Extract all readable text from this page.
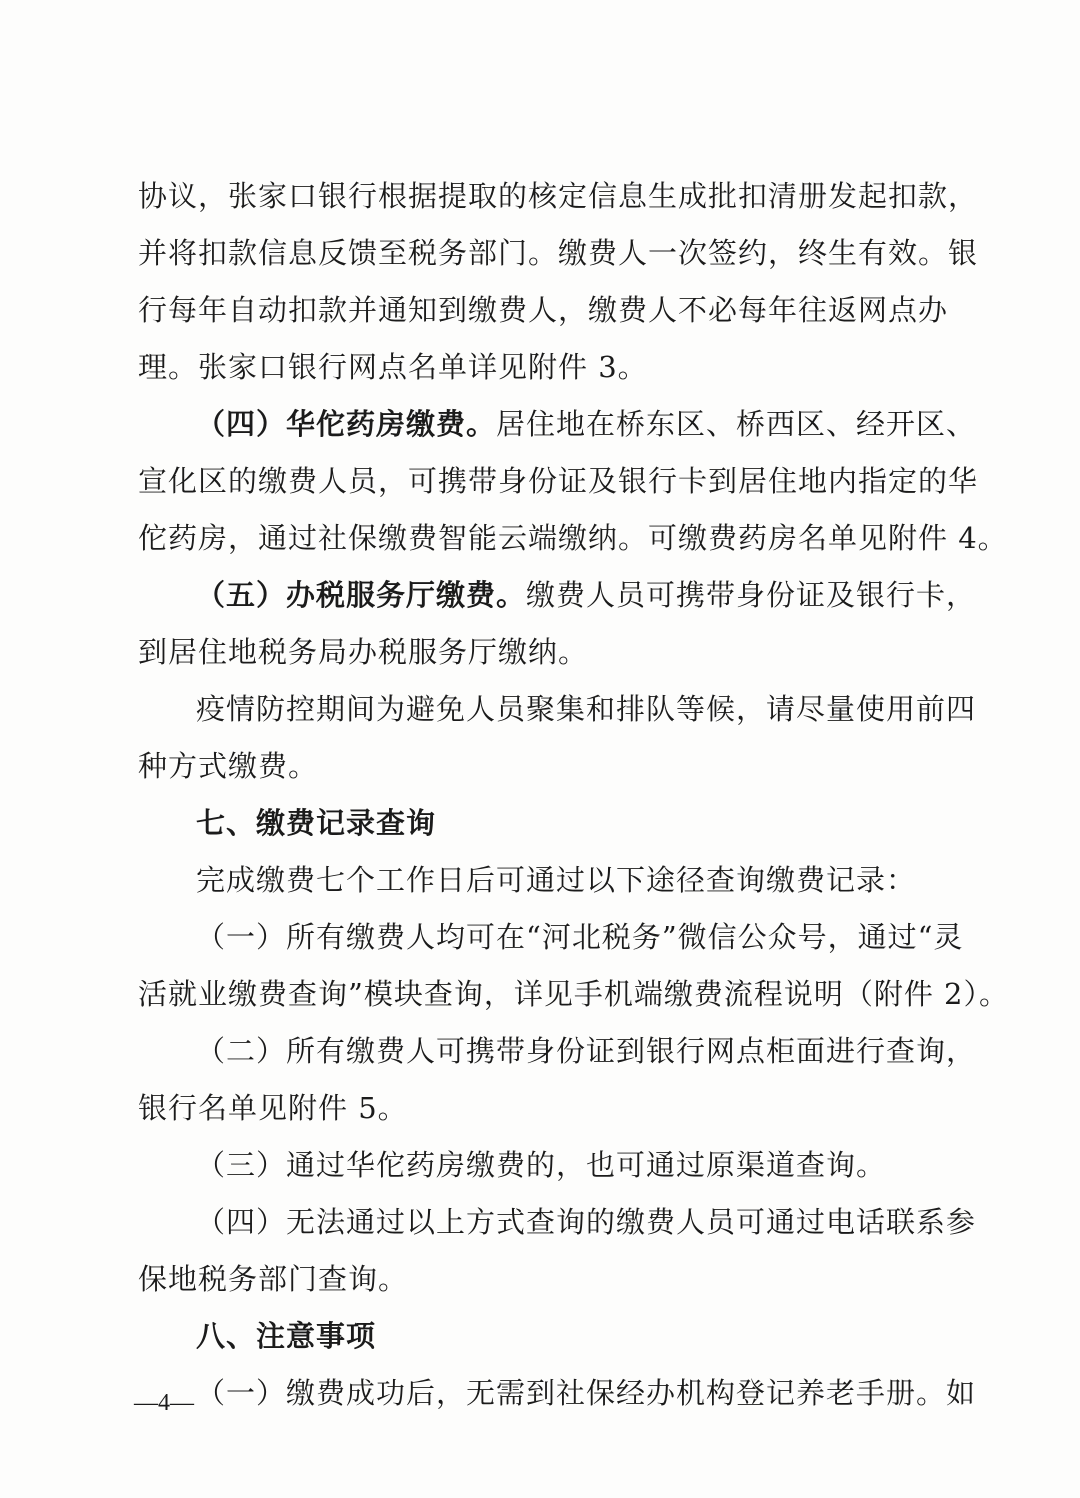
协议，张家口银行根据提取的核定信息生成批扣清册发起扣款，
并将扣款信息反馈至税务部门。缴费人一次签约，终生有效。银
行每年自动扣款并通知到缴费人，缴费人不必每年往返网点办
理。张家口银行网点名单详见附件 3。
（四）华佗药房缴费。居住地在桥东区、桥西区、经开区、
宣化区的缴费人员，可携带身份证及银行卡到居住地内指定的华
佗药房，通过社保缴费智能云端缴纳。可缴费药房名单见附件 4。
（五）办税服务厅缴费。缴费人员可携带身份证及银行卡，
到居住地税务局办税服务厅缴纳。
疫情防控期间为避免人员聚集和排队等候，请尽量使用前四
种方式缴费。
七、缴费记录查询
完成缴费七个工作日后可通过以下途径查询缴费记录：
（一）所有缴费人均可在“河北税务”微信公众号，通过“灵
活就业缴费查询”模块查询，详见手机端缴费流程说明（附件 2）。
（二）所有缴费人可携带身份证到银行网点柜面进行查询，
银行名单见附件 5。
（三）通过华佗药房缴费的，也可通过原渠道查询。
（四）无法通过以上方式查询的缴费人员可通过电话联系参
保地税务部门查询。
八、注意事项
（一）缴费成功后，无需到社保经办机构登记养老手册。如
—4—
